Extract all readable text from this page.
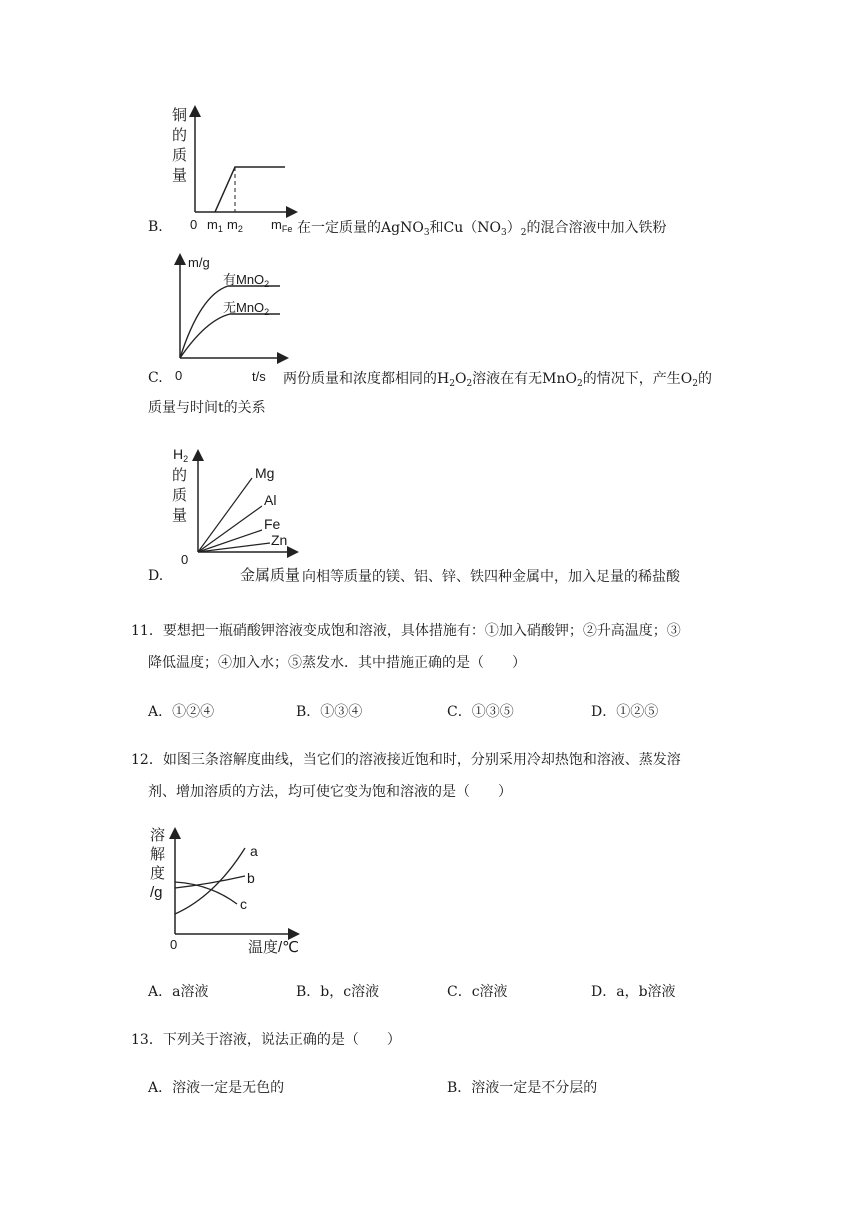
铜
的
质
量
B. 0 $m_1$ $m_2$ $m_{Fe}$ 在一定质量的AgNO$_3$和$Cu(NO_3)_2$的混合溶液中加入铁粉
m/g
有MnO$_2$
无MnO$_2$
C. 0	t/s 两份质量和浓度都相同的$H_2O_2$溶液在有无MnO$_2$的情况下，产生$O_2$的
质量与时间t的关系
$H_2$
的
质
量
Mg
Al
Fe
Zn
0
D.	金属质量 向相等质量的镁、铝、锌、铁四种金属中，加入足量的稀盐酸
11．要想把一瓶硝酸钾溶液变成饱和溶液，具体措施有：①加入硝酸钾；②升高温度；③
降低温度；④加入水；⑤蒸发水．其中措施正确的是（　　）
A．①②④	B．①③④	C．①③⑤	D．①②⑤
12．如图三条溶解度曲线，当它们的溶液接近饱和时，分别采用冷却热饱和溶液、蒸发溶
剂、增加溶质的方法，均可使它变为饱和溶液的是（　　）
溶
解
度
/g
a
b
c
0	温度/℃
A．a溶液	B．b，c溶液	C．c溶液	D．a，b溶液
13．下列关于溶液，说法正确的是（　　）
A．溶液一定是无色的	B．溶液一定是不分层的
